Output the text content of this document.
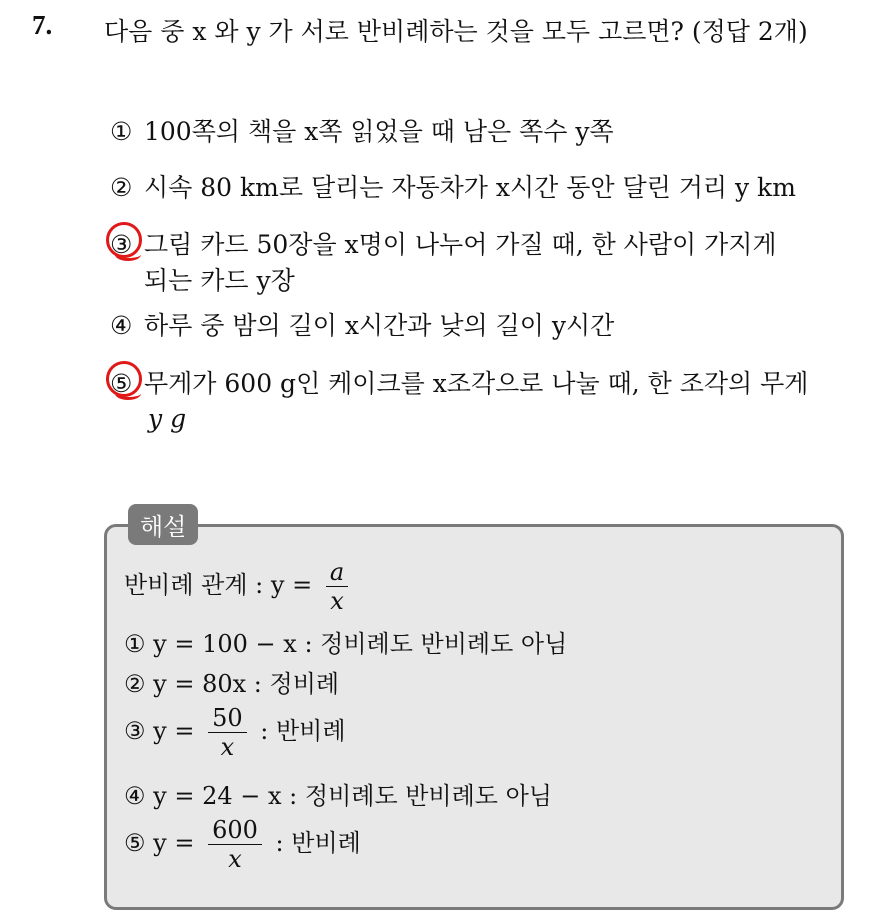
7. 다음 중 x 와 y 가 서로 반비례하는 것을 모두 고르면? (정답 2개)
① 100쪽의 책을 x쪽 읽었을 때 남은 쪽수 y쪽
② 시속 80 km로 달리는 자동차가 x시간 동안 달린 거리 y km
③ 그림 카드 50장을 x명이 나누어 가질 때, 한 사람이 가지게
되는 카드 y장
④ 하루 중 밤의 길이 x시간과 낮의 길이 y시간
⑤ 무게가 600 g인 케이크를 x조각으로 나눌 때, 한 조각의 무게
y g
해설
반비례 관계 : $y = \frac{a}{x}$
① y = 100 − x : 정비례도 반비례도 아님
② y = 80x : 정비례
③ $y = \frac{50}{x}$ : 반비례
④ y = 24 − x : 정비례도 반비례도 아님
⑤ $y = \frac{600}{x}$ : 반비례
